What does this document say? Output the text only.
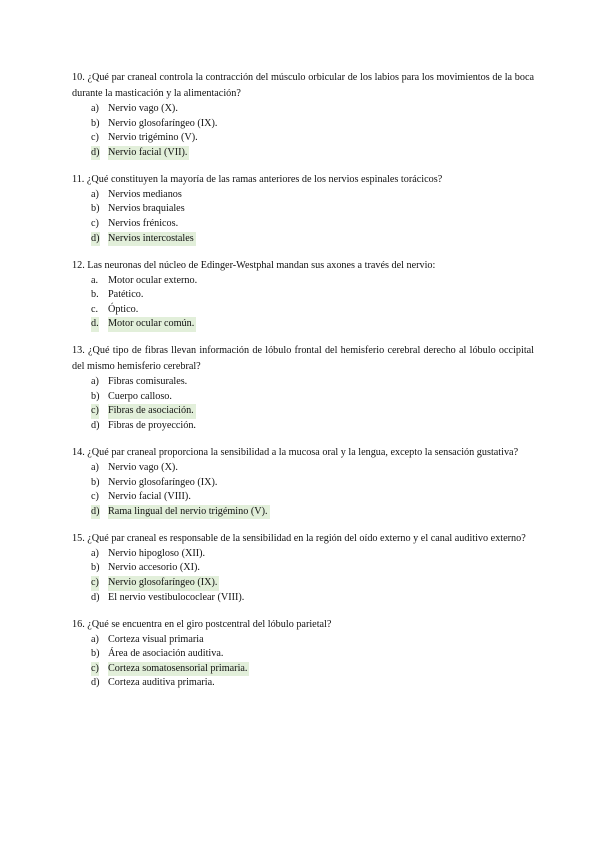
10. ¿Qué par craneal controla la contracción del músculo orbicular de los labios para los movimientos de la boca durante la masticación y la alimentación?

a) Nervio vago (X).
b) Nervio glosofaríngeo (IX).
c) Nervio trigémino (V).
d) Nervio facial (VII).

11. ¿Qué constituyen la mayoría de las ramas anteriores de los nervios espinales torácicos?

a) Nervios medianos
b) Nervios braquiales
c) Nervios frénicos.
d) Nervios intercostales

12. Las neuronas del núcleo de Edinger-Westphal mandan sus axones a través del nervio:

a. Motor ocular externo.
b. Patético.
c. Óptico.
d. Motor ocular común.

13. ¿Qué tipo de fibras llevan información de lóbulo frontal del hemisferio cerebral derecho al lóbulo occipital del mismo hemisferio cerebral?

a) Fibras comisurales.
b) Cuerpo calloso.
c) Fibras de asociación.
d) Fibras de proyección.

14. ¿Qué par craneal proporciona la sensibilidad a la mucosa oral y la lengua, excepto la sensación gustativa?

a) Nervio vago (X).
b) Nervio glosofaríngeo (IX).
c) Nervio facial (VIII).
d) Rama lingual del nervio trigémino (V).

15. ¿Qué par craneal es responsable de la sensibilidad en la región del oído externo y el canal auditivo externo?

a) Nervio hipogloso (XII).
b) Nervio accesorio (XI).
c) Nervio glosofaríngeo (IX).
d) El nervio vestibulococlear (VIII).

16. ¿Qué se encuentra en el giro postcentral del lóbulo parietal?

a) Corteza visual primaria
b) Área de asociación auditiva.
c) Corteza somatosensorial primaria.
d) Corteza auditiva primaria.
